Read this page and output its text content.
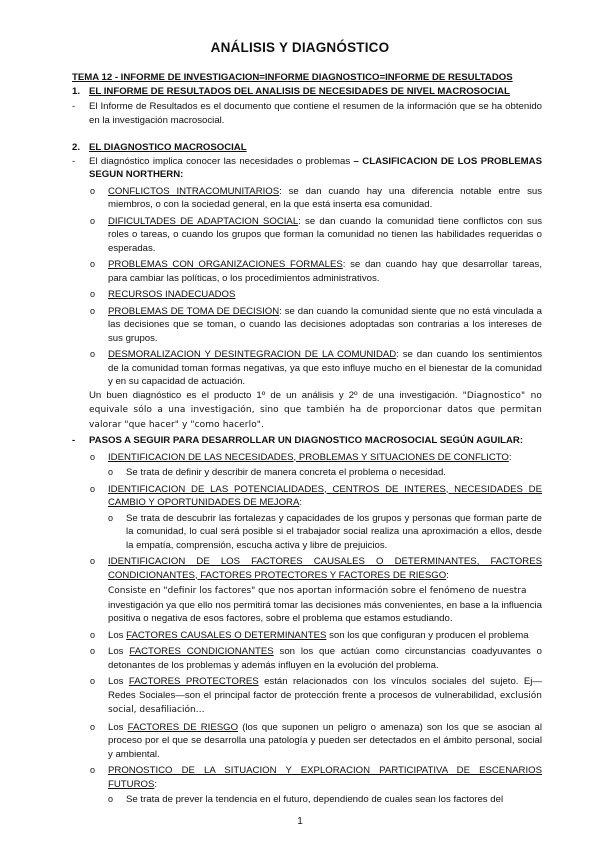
ANÁLISIS Y DIAGNÓSTICO
TEMA 12 - INFORME DE INVESTIGACION=INFORME DIAGNOSTICO=INFORME DE RESULTADOS
1. EL INFORME DE RESULTADOS DEL ANALISIS DE NECESIDADES DE NIVEL MACROSOCIAL
- El Informe de Resultados es el documento que contiene el resumen de la información que se ha obtenido en la investigación macrosocial.
2. EL DIAGNOSTICO MACROSOCIAL
- El diagnóstico implica conocer las necesidades o problemas – CLASIFICACION DE LOS PROBLEMAS SEGUN NORTHERN:
o CONFLICTOS INTRACOMUNITARIOS: se dan cuando hay una diferencia notable entre sus miembros, o con la sociedad general, en la que está inserta esa comunidad.
o DIFICULTADES DE ADAPTACION SOCIAL: se dan cuando la comunidad tiene conflictos con sus roles o tareas, o cuando los grupos que forman la comunidad no tienen las habilidades requeridas o esperadas.
o PROBLEMAS CON ORGANIZACIONES FORMALES: se dan cuando hay que desarrollar tareas, para cambiar las políticas, o los procedimientos administrativos.
o RECURSOS INADECUADOS
o PROBLEMAS DE TOMA DE DECISION: se dan cuando la comunidad siente que no está vinculada a las decisiones que se toman, o cuando las decisiones adoptadas son contrarias a los intereses de sus grupos.
o DESMORALIZACION Y DESINTEGRACION DE LA COMUNIDAD: se dan cuando los sentimientos de la comunidad toman formas negativas, ya que esto influye mucho en el bienestar de la comunidad y en su capacidad de actuación.
Un buen diagnóstico es el producto 1º de un análisis y 2º de una investigación. "Diagnostico" no equivale sólo a una investigación, sino que también ha de proporcionar datos que permitan valorar "que hacer" y "como hacerlo".
- PASOS A SEGUIR PARA DESARROLLAR UN DIAGNOSTICO MACROSOCIAL SEGÚN AGUILAR:
o IDENTIFICACION DE LAS NECESIDADES, PROBLEMAS Y SITUACIONES DE CONFLICTO:
o Se trata de definir y describir de manera concreta el problema o necesidad.
o IDENTIFICACION DE LAS POTENCIALIDADES, CENTROS DE INTERES, NECESIDADES DE CAMBIO Y OPORTUNIDADES DE MEJORA:
o Se trata de descubrir las fortalezas y capacidades de los grupos y personas que forman parte de la comunidad, lo cual será posible si el trabajador social realiza una aproximación a ellos, desde la empatía, comprensión, escucha activa y libre de prejuicios.
o IDENTIFICACION DE LOS FACTORES CAUSALES O DETERMINANTES, FACTORES CONDICIONANTES, FACTORES PROTECTORES Y FACTORES DE RIESGO:
Consiste en "definir los factores" que nos aportan información sobre el fenómeno de nuestra
investigación ya que ello nos permitirá tomar las decisiones más convenientes, en base a la influencia positiva o negativa de esos factores, sobre el problema que estamos estudiando.
o Los FACTORES CAUSALES O DETERMINANTES son los que configuran y producen el problema
o Los FACTORES CONDICIONANTES son los que actúan como circunstancias coadyuvantes o detonantes de los problemas y además influyen en la evolución del problema.
o Los FACTORES PROTECTORES están relacionados con los vínculos sociales del sujeto. Ej— Redes Sociales—son el principal factor de protección frente a procesos de vulnerabilidad, exclusión social, desafiliación…
o Los FACTORES DE RIESGO (los que suponen un peligro o amenaza) son los que se asocian al proceso por el que se desarrolla una patología y pueden ser detectados en el ámbito personal, social y ambiental.
o PRONOSTICO DE LA SITUACION Y EXPLORACION PARTICIPATIVA DE ESCENARIOS FUTUROS:
o Se trata de prever la tendencia en el futuro, dependiendo de cuales sean los factores del
1
